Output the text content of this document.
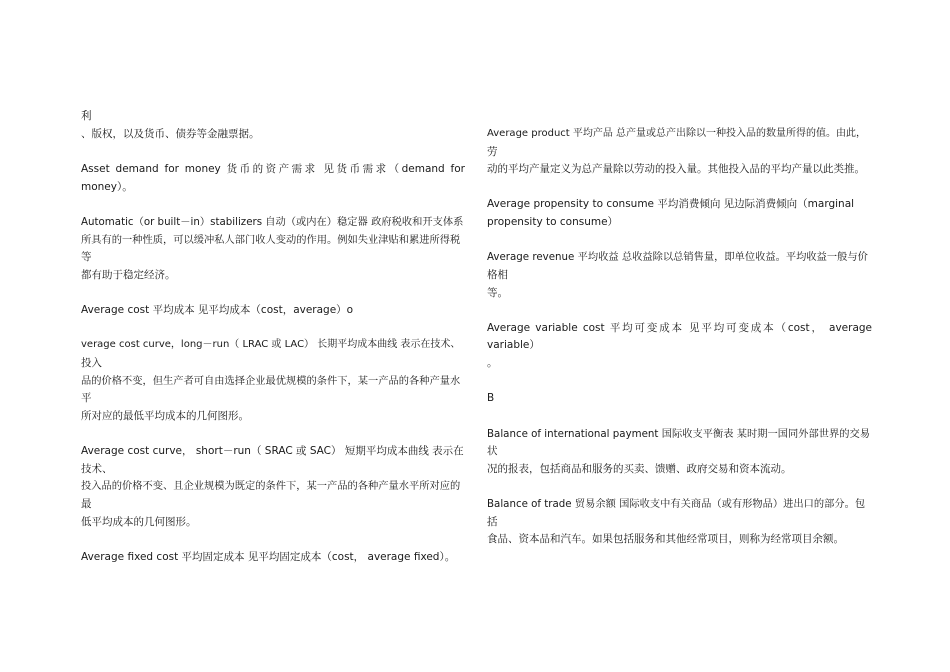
利
、版权，以及货币、债券等金融票据。
Asset demand for money 货币的资产需求 见货币需求（demand for
money）。
Automatic（or built－in）stabilizers 自动（或内在）稳定器 政府税收和开支体系
所具有的一种性质，可以缓冲私人部门收人变动的作用。例如失业津贴和累进所得税
等
都有助于稳定经济。
Average cost 平均成本 见平均成本（cost，average）o
verage cost curve，long－run（ LRAC 或 LAC） 长期平均成本曲线 表示在技术、
投入
品的价格不变，但生产者可自由选择企业最优规模的条件下，某一产品的各种产量水
平
所对应的最低平均成本的几何图形。
Average cost curve， short－run（ SRAC 或 SAC） 短期平均成本曲线 表示在
技术、
投入品的价格不变、且企业规模为既定的条件下，某一产品的各种产量水平所对应的
最
低平均成本的几何图形。
Average fixed cost 平均固定成本 见平均固定成本（cost， average fixed）。
Average product 平均产品 总产量或总产出除以一种投入品的数量所得的值。由此，
劳
动的平均产量定义为总产量除以劳动的投入量。其他投入品的平均产量以此类推。
Average propensity to consume 平均消费倾向 见边际消费倾向（marginal
propensity to consume）
Average revenue 平均收益 总收益除以总销售量，即单位收益。平均收益一般与价
格相
等。
Average variable cost 平均可变成本 见平均可变成本（cost， average
variable）
。
B
Balance of international payment 国际收支平衡表 某时期一国同外部世界的交易
状
况的报表，包括商品和服务的买卖、馈赠、政府交易和资本流动。
Balance of trade 贸易余额 国际收支中有关商品（或有形物品）进出口的部分。包
括
食品、资本品和汽车。如果包括服务和其他经常项目，则称为经常项目余额。
